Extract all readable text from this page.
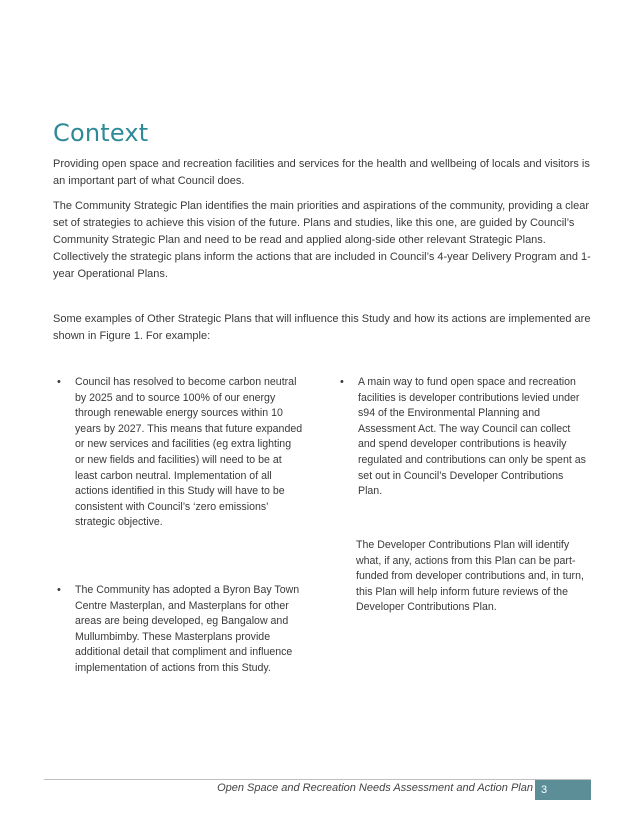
Context

Providing open space and recreation facilities and services for the health and wellbeing of locals and visitors is an important part of what Council does.

The Community Strategic Plan identifies the main priorities and aspirations of the community, providing a clear set of strategies to achieve this vision of the future. Plans and studies, like this one, are guided by Council’s Community Strategic Plan and need to be read and applied along-side other relevant Strategic Plans. Collectively the strategic plans inform the actions that are included in Council’s 4-year Delivery Program and 1-year Operational Plans.

Some examples of Other Strategic Plans that will influence this Study and how its actions are implemented are shown in Figure 1. For example:

• Council has resolved to become carbon neutral by 2025 and to source 100% of our energy through renewable energy sources within 10 years by 2027. This means that future expanded or new services and facilities (eg extra lighting or new fields and facilities) will need to be at least carbon neutral. Implementation of all actions identified in this Study will have to be consistent with Council’s ‘zero emissions’ strategic objective.
• The Community has adopted a Byron Bay Town Centre Masterplan, and Masterplans for other areas are being developed, eg Bangalow and Mullumbimby. These Masterplans provide additional detail that compliment and influence implementation of actions from this Study.
• A main way to fund open space and recreation facilities is developer contributions levied under s94 of the Environmental Planning and Assessment Act. The way Council can collect and spend developer contributions is heavily regulated and contributions can only be spent as set out in Council’s Developer Contributions Plan.

The Developer Contributions Plan will identify what, if any, actions from this Plan can be part-funded from developer contributions and, in turn, this Plan will help inform future reviews of the Developer Contributions Plan.

Open Space and Recreation Needs Assessment and Action Plan 3
